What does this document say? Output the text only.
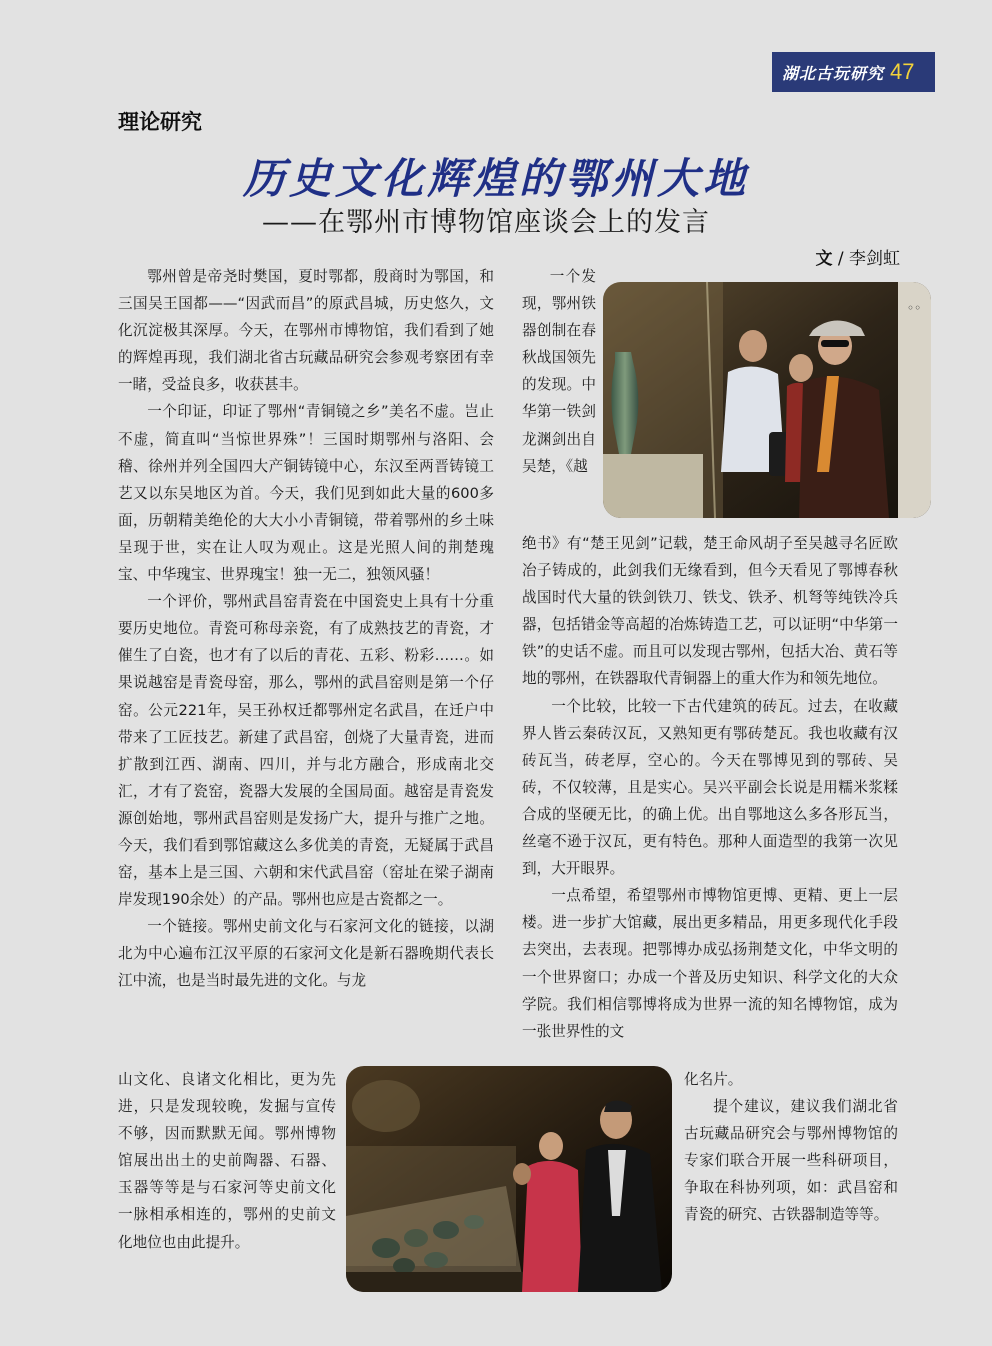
湖北古玩研究 47
理论研究
历史文化辉煌的鄂州大地
——在鄂州市博物馆座谈会上的发言
文 / 李剑虹

鄂州曾是帝尧时樊国，夏时鄂都，殷商时为鄂国，和三国吴王国都——“因武而昌”的原武昌城，历史悠久，文化沉淀极其深厚。今天，在鄂州市博物馆，我们看到了她的辉煌再现，我们湖北省古玩藏品研究会参观考察团有幸一睹，受益良多，收获甚丰。

一个印证，印证了鄂州“青铜镜之乡”美名不虚。岂止不虚，简直叫“当惊世界殊”！三国时期鄂州与洛阳、会稽、徐州并列全国四大产铜铸镜中心，东汉至两晋铸镜工艺又以东吴地区为首。今天，我们见到如此大量的600多面，历朝精美绝伦的大大小小青铜镜，带着鄂州的乡土味呈现于世，实在让人叹为观止。这是光照人间的荆楚瑰宝、中华瑰宝、世界瑰宝！独一无二，独领风骚！

一个评价，鄂州武昌窑青瓷在中国瓷史上具有十分重要历史地位。青瓷可称母亲瓷，有了成熟技艺的青瓷，才催生了白瓷，也才有了以后的青花、五彩、粉彩……。如果说越窑是青瓷母窑，那么，鄂州的武昌窑则是第一个仔窑。公元221年，吴王孙权迁都鄂州定名武昌，在迁户中带来了工匠技艺。新建了武昌窑，创烧了大量青瓷，进而扩散到江西、湖南、四川，并与北方融合，形成南北交汇，才有了瓷窑，瓷器大发展的全国局面。越窑是青瓷发源创始地，鄂州武昌窑则是发扬广大，提升与推广之地。今天，我们看到鄂馆藏这么多优美的青瓷，无疑属于武昌窑，基本上是三国、六朝和宋代武昌窑（窑址在梁子湖南岸发现190余处）的产品。鄂州也应是古瓷都之一。

一个链接。鄂州史前文化与石家河文化的链接，以湖北为中心遍布江汉平原的石家河文化是新石器晚期代表长江中流，也是当时最先进的文化。与龙

山文化、良诸文化相比，更为先进，只是发现较晚，发掘与宣传不够，因而默默无闻。鄂州博物馆展出出土的史前陶器、石器、玉器等等是与石家河等史前文化一脉相承相连的，鄂州的史前文化地位也由此提升。

一个发现，鄂州铁器创制在春秋战国领先的发现。中华第一铁剑龙渊剑出自吴楚，《越

◦◦

绝书》有“楚王见剑”记载，楚王命风胡子至吴越寻名匠欧冶子铸成的，此剑我们无缘看到，但今天看见了鄂博春秋战国时代大量的铁剑铁刀、铁戈、铁矛、机弩等纯铁冷兵器，包括错金等高超的冶炼铸造工艺，可以证明“中华第一铁”的史话不虚。而且可以发现古鄂州，包括大冶、黄石等地的鄂州，在铁器取代青铜器上的重大作为和领先地位。

一个比较，比较一下古代建筑的砖瓦。过去，在收藏界人皆云秦砖汉瓦，又熟知更有鄂砖楚瓦。我也收藏有汉砖瓦当，砖老厚，空心的。今天在鄂博见到的鄂砖、吴砖，不仅较薄，且是实心。吴兴平副会长说是用糯米浆糅合成的坚硬无比，的确上优。出自鄂地这么多各形瓦当，丝毫不逊于汉瓦，更有特色。那种人面造型的我第一次见到，大开眼界。

一点希望，希望鄂州市博物馆更博、更精、更上一层楼。进一步扩大馆藏，展出更多精品，用更多现代化手段去突出，去表现。把鄂博办成弘扬荆楚文化，中华文明的一个世界窗口；办成一个普及历史知识、科学文化的大众学院。我们相信鄂博将成为世界一流的知名博物馆，成为一张世界性的文

化名片。

提个建议，建议我们湖北省古玩藏品研究会与鄂州博物馆的专家们联合开展一些科研项目，争取在科协列项，如：武昌窑和青瓷的研究、古铁器制造等等。
